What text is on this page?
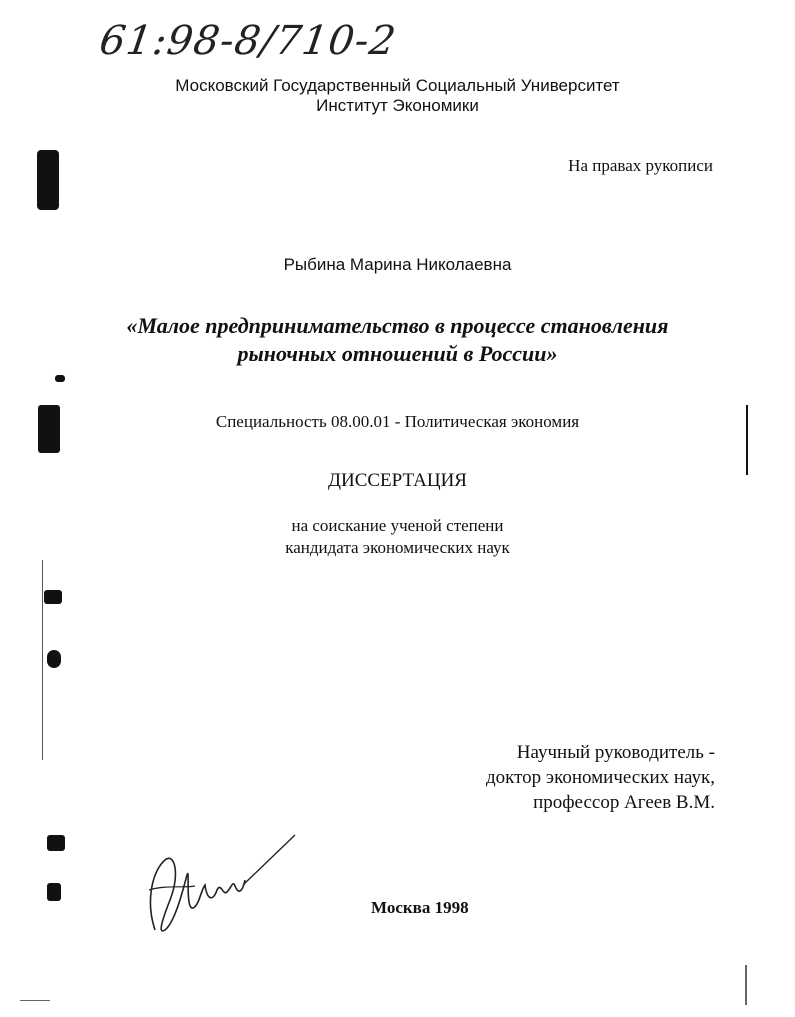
61:98-8/710-2
Московский Государственный Социальный Университет
Институт Экономики
На правах рукописи
Рыбина Марина Николаевна
«Малое предпринимательство в процессе становления
рыночных отношений в России»
Специальность 08.00.01 - Политическая экономия
ДИССЕРТАЦИЯ
на соискание ученой степени
кандидата экономических наук
Научный руководитель -
доктор экономических наук,
профессор Агеев В.М.
Москва 1998
